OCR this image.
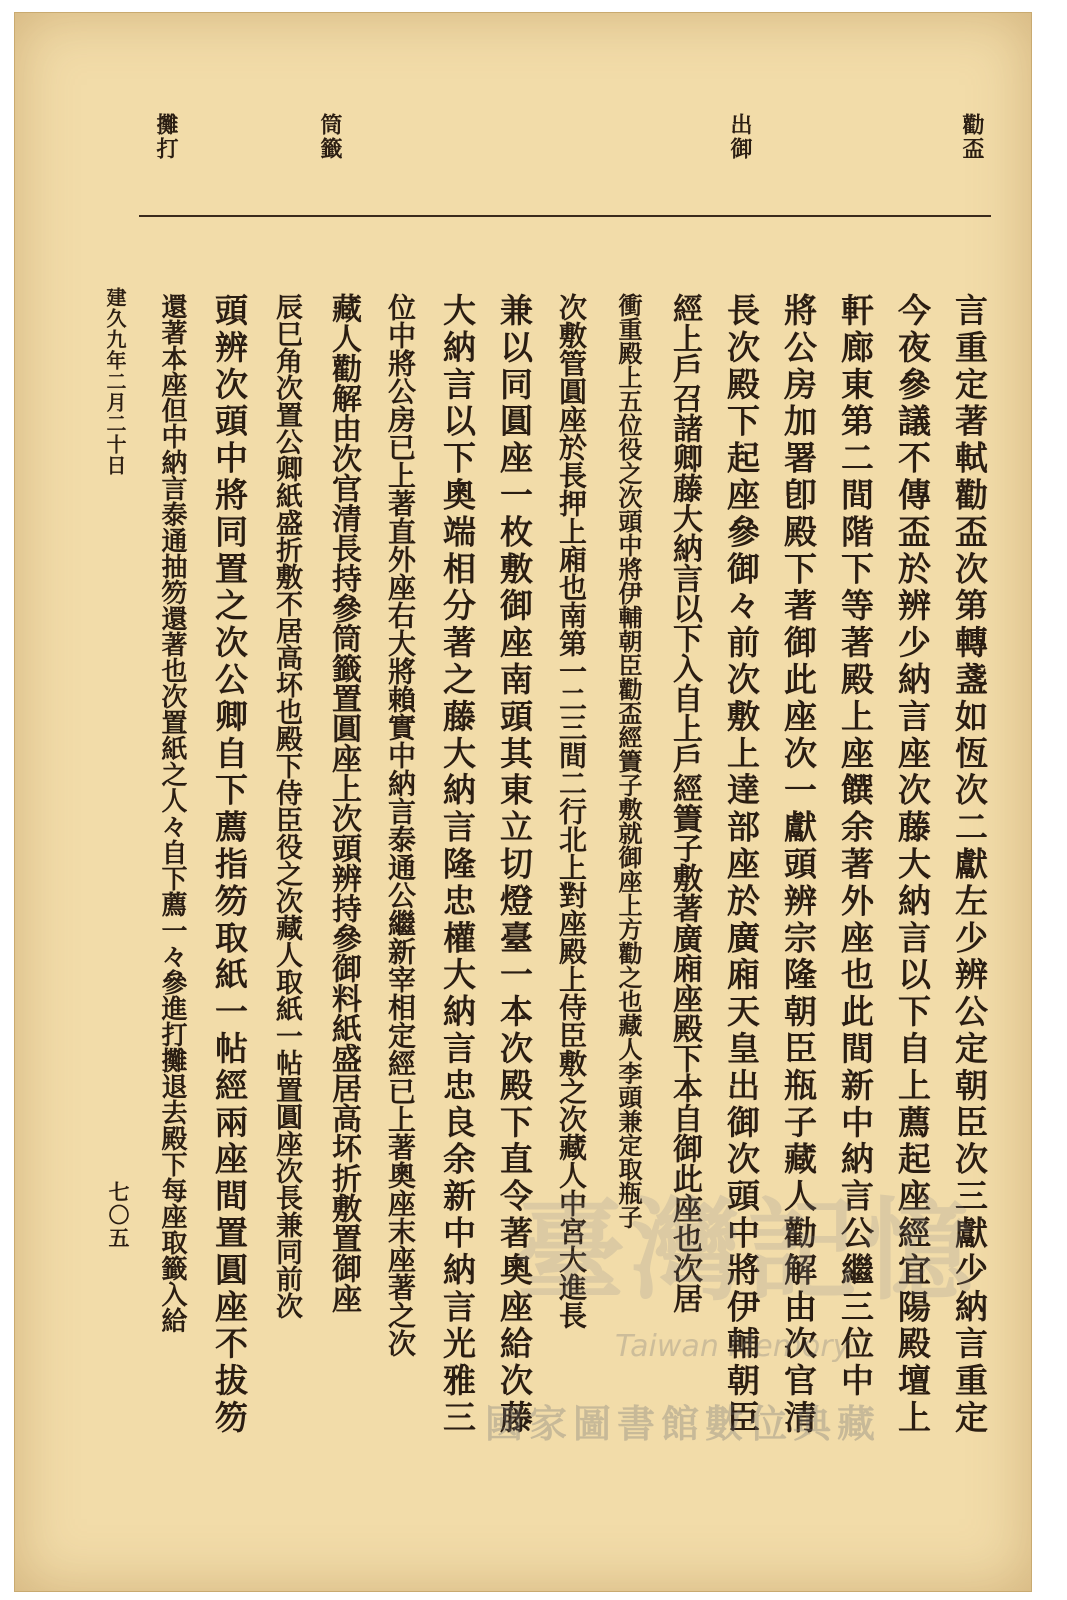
勸盃
出御
筒籤
攤打
言重定著軾勸盃次第轉盞如恆次二獻左少辨公定朝臣次三獻少納言重定
今夜參議不傳盃於辨少納言座次藤大納言以下自上薦起座經宜陽殿壇上
軒廊東第二間階下等著殿上座饌余著外座也此間新中納言公繼三位中
將公房加署卽殿下著御此座次一獻頭辨宗隆朝臣瓶子藏人勸解由次官清
長次殿下起座參御々前次敷上達部座於廣廂天皇出御次頭中將伊輔朝臣
經上戶召諸卿藤大納言以下入自上戶經簀子敷著廣廂座殿下本自御此座也次居
衝重殿上五位役之次頭中將伊輔朝臣勸盃經簀子敷就御座上方勸之也藏人李頭兼定取瓶子
次敷管圓座於長押上廂也南第一二三間二行北上對座殿上侍臣敷之次藏人中宮大進長
兼以同圓座一枚敷御座南頭其東立切燈臺一本次殿下直令著奧座給次藤
大納言以下奧端相分著之藤大納言隆忠權大納言忠良余新中納言光雅三
位中將公房已上著直外座右大將賴實中納言泰通公繼新宰相定經已上著奧座末座著之次
藏人勸解由次官清長持參筒籤置圓座上次頭辨持參御料紙盛居高坏折敷置御座
辰巳角次置公卿紙盛折敷不居高坏也殿下侍臣役之次藏人取紙一帖置圓座次長兼同前次
頭辨次頭中將同置之次公卿自下薦指笏取紙一帖經兩座間置圓座不拔笏
還著本座但中納言泰通抽笏還著也次置紙之人々自下薦一々參進打攤退去殿下每座取籤入給
建久九年二月二十日
七〇五	臺灣記憶
Taiwan Memory
國家圖書館數位典藏
